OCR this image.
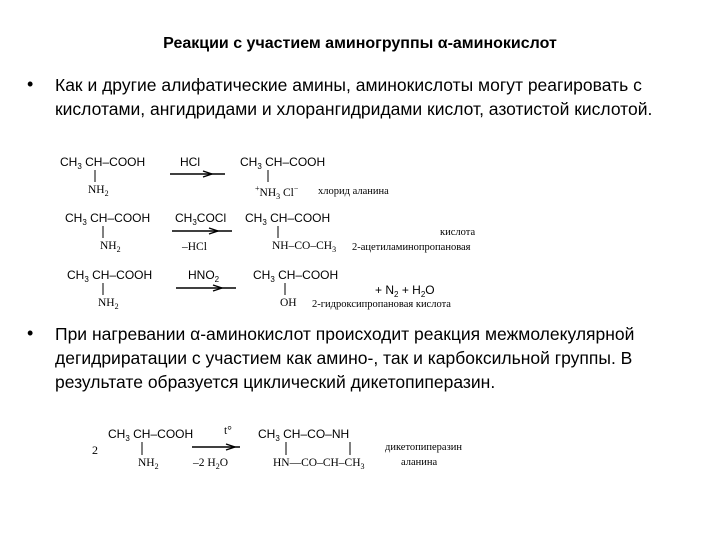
Реакции с участием аминогруппы α-аминокислот
• Как и другие алифатические амины, аминокислоты могут реагировать с кислотами, ангидридами и хлорангидридами кислот, азотистой кислотой.
$CH_3$ CH–COOH
$NH_2$
HCl	$CH_3$ CH–COOH
$^+NH_3$ Cl− хлорид аланина
$CH_3$ CH–COOH
$NH_2$
$CH_3COCl$
–HCl
$CH_3$ CH–COOH
$NH-CO-CH_3$ 2-ацетиламинопропановая
кислота
$CH_3$ CH–COOH
$NH_2$
$HNO_2$	$CH_3$ CH–COOH
OH
+ $N_2 + H_2O$
2-гидроксипропановая кислота
• При нагревании α-аминокислот происходит реакция межмолекулярной дегидриратации с участием как амино-, так и карбоксильной группы. В результате образуется циклический дикетопиперазин.
2
$CH_3$ CH–COOH
$NH_2$
t°
–2 $H_2O$
$CH_3$ CH–CO–NH
$HN—CO-CH-CH_3$
дикетопиперазин
аланина
